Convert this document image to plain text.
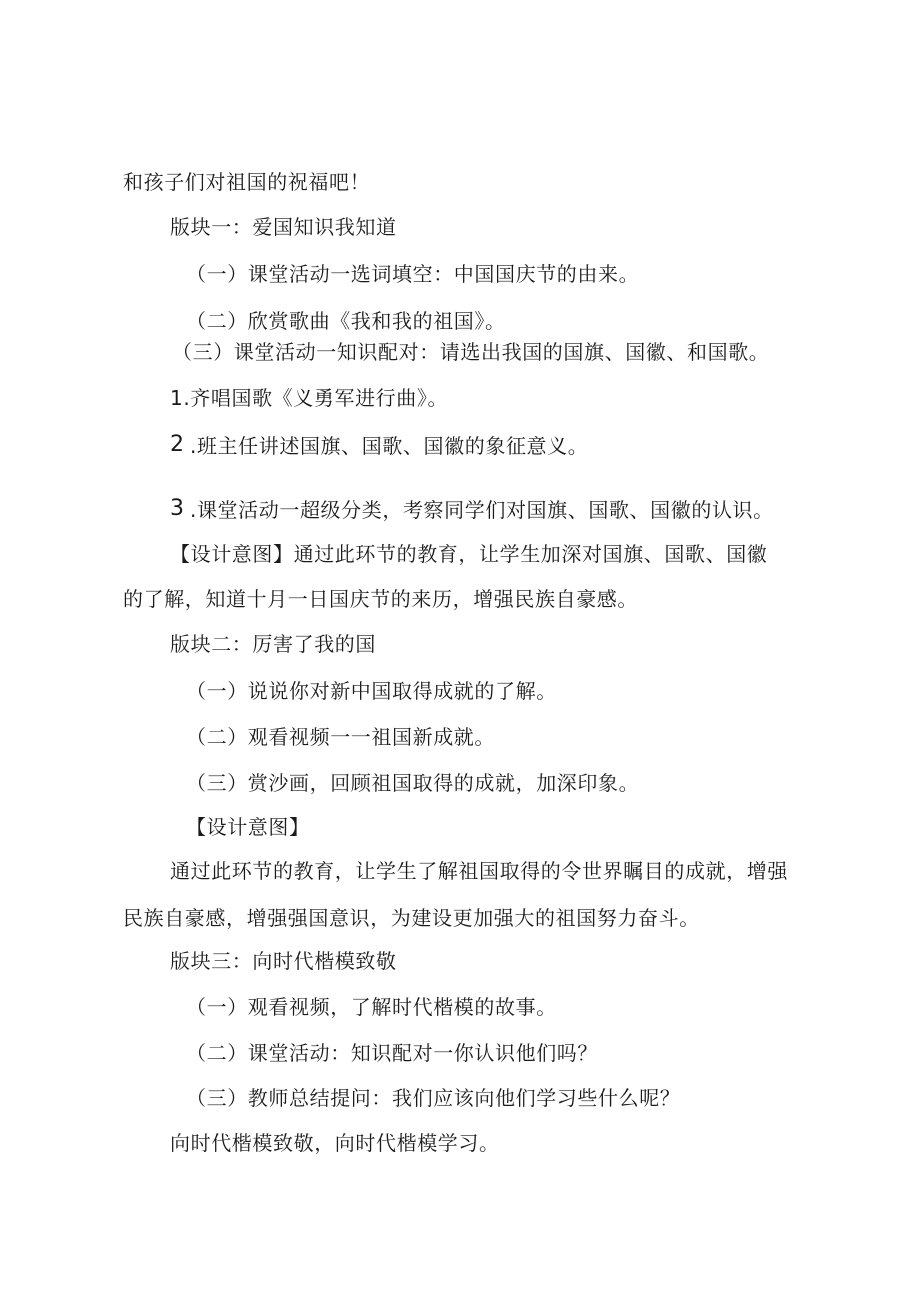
和孩子们对祖国的祝福吧！
版块一：爱国知识我知道
（一）课堂活动一选词填空：中国国庆节的由来。
（二）欣赏歌曲《我和我的祖国》。
（三）课堂活动一知识配对：请选出我国的国旗、国徽、和国歌。
1.齐唱国歌《义勇军进行曲》。
2 .班主任讲述国旗、国歌、国徽的象征意义。
3 .课堂活动一超级分类，考察同学们对国旗、国歌、国徽的认识。
【设计意图】通过此环节的教育，让学生加深对国旗、国歌、国徽
的了解，知道十月一日国庆节的来历，增强民族自豪感。
版块二：厉害了我的国
（一）说说你对新中国取得成就的了解。
（二）观看视频一一祖国新成就。
（三）赏沙画，回顾祖国取得的成就，加深印象。
【设计意图】
通过此环节的教育，让学生了解祖国取得的令世界瞩目的成就，增强
民族自豪感，增强强国意识，为建设更加强大的祖国努力奋斗。
版块三：向时代楷模致敬
（一）观看视频，了解时代楷模的故事。
（二）课堂活动：知识配对一你认识他们吗？
（三）教师总结提问：我们应该向他们学习些什么呢？
向时代楷模致敬，向时代楷模学习。
